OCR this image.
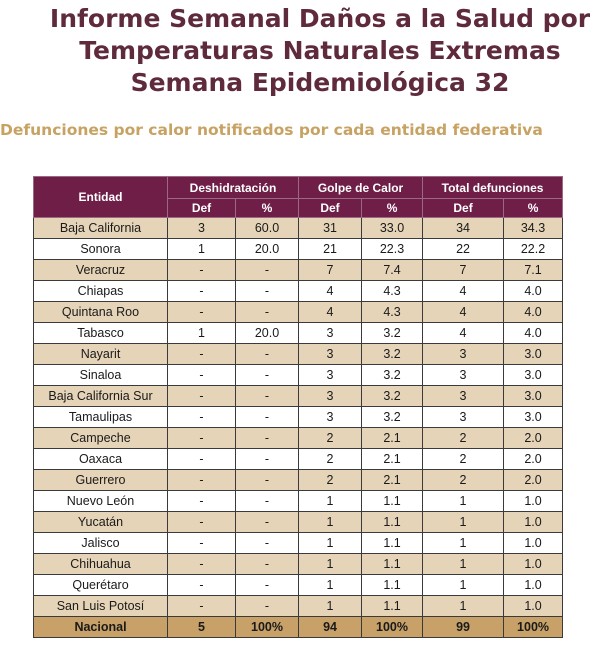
Informe Semanal Daños a la Salud por
Temperaturas Naturales Extremas
Semana Epidemiológica 32
Defunciones por calor notificados por cada entidad federativa
Entidad	Deshidratación		Golpe de Calor		Total defunciones	
	Def	%	Def	%	Def	%
Baja California	3	60.0	31	33.0	34	34.3
Sonora	1	20.0	21	22.3	22	22.2
Veracruz	-	-	7	7.4	7	7.1
Chiapas	-	-	4	4.3	4	4.0
Quintana Roo	-	-	4	4.3	4	4.0
Tabasco	1	20.0	3	3.2	4	4.0
Nayarit	-	-	3	3.2	3	3.0
Sinaloa	-	-	3	3.2	3	3.0
Baja California Sur	-	-	3	3.2	3	3.0
Tamaulipas	-	-	3	3.2	3	3.0
Campeche	-	-	2	2.1	2	2.0
Oaxaca	-	-	2	2.1	2	2.0
Guerrero	-	-	2	2.1	2	2.0
Nuevo León	-	-	1	1.1	1	1.0
Yucatán	-	-	1	1.1	1	1.0
Jalisco	-	-	1	1.1	1	1.0
Chihuahua	-	-	1	1.1	1	1.0
Querétaro	-	-	1	1.1	1	1.0
San Luis Potosí	-	-	1	1.1	1	1.0
Nacional	5	100%	94	100%	99	100%
